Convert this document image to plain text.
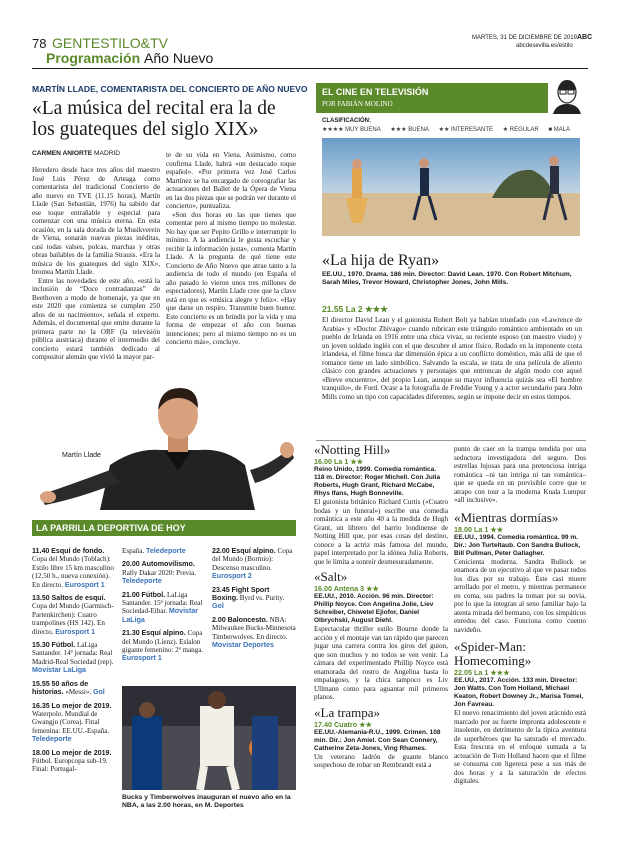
78 GENTESTILO&TV	MARTES, 31 DE DICIEMBRE DE 2019 ABC
abcdesevilla.es/estilo
Programación Año Nuevo
MARTÍN LLADE, COMENTARISTA DEL CONCIERTO DE AÑO NUEVO
«La música del recital era la de los guateques del siglo XIX»
CARMEN ANIORTE MADRID

Heredero desde hace tres años del maestro José Luis Pérez de Arteaga como comentarista del tradicional Concierto de año nuevo en TVE (11.15 horas), Martín Llade (San Sebastián, 1976) ha sabido dar ese toque entrañable y especial para comenzar con una música eterna. En esta ocasión, en la sala dorada de la Musikverein de Viena, sonarán nuevas piezas inéditas, casi todas valses, polcas, marchas y otras obras bailables de la familia Strauss. «Era la música de los guateques del siglo XIX», bromea Martín Llade.

Entre las novedades de este año, «está la inclusión de “Doce contradanzas” de Beethoven a modo de homenaje, ya que en este 2020 que comienza se cumplen 250 años de su nacimiento», señala el experto. Además, el documental que emite durante la primera parte no la ORF (la televisión pública austriaca) durante el intermedio del concierto estará también dedicado al compositor alemán que vivió la mayor par-

te de su vida en Viena. Asimismo, como confirma Llade, habrá «un destacado toque español». «Por primera vez José Carlos Martínez se ha encargado de coreografiar las actuaciones del Ballet de la Ópera de Viena en las dos piezas que se podrán ver durante el concierto», puntualiza.

«Son dos horas en las que tienes que comentar pero al mismo tiempo no molestar. No hay que ser Pepito Grillo e interrumpir lo mínimo. A la audiencia le gusta escuchar y recibir la información justa», comenta Martín Llade. A la pregunta de qué tiene este Concierto de Año Nuevo que atrae tanto a la audiencia de todo el mundo (en España el año pasado lo vieron unos tres millones de espectadores), Martín Llade cree que la clave está en que es «música alegre y feliz». «Hay que darse un respiro. Transmite buen humor. Este concierto es un brindis por la vida y una forma de empezar el año con buenas intenciones; pero al mismo tiempo no es un concierto más», concluye.

Martín Llade
EL CINE EN TELEVISIÓN
POR FABIÁN MOLINO
CLASIFICACIÓN:
★★★★ MUY BUENA ★★★ BUENA ★★ INTERESANTE ★ REGULAR ■ MALA
«La hija de Ryan»
EE.UU., 1970. Drama. 186 min. Director: David Lean. 1970. Con Robert Mitchum, Sarah Miles, Trevor Howard, Christopher Jones, John Mills.
21.55 La 2 ★★★
El director David Lean y el guionista Robert Bolt ya habían triunfado con «Lawrence de Arabia» y «Doctor Zhivago» cuando rubrican este triángulo romántico ambientado en un pueblo de Irlanda en 1916 entre una chica vivaz, su reciente esposo (un maestro viudo) y un joven soldado inglés con el que descubre el amor físico. Rodado en la imponente costa irlandesa, el filme busca dar dimensión épica a un conflicto doméstico, más allá de que el romance tiene un lado simbólico. Salvando la escala, se trata de una película de aliento clásico con grandes actuaciones y personajes que entroncan de algún modo con aquel «Breve encuentro», del propio Lean, aunque su mayor influencia quizás sea «El hombre tranquilo», de Ford. Ocasr a la fotografía de Freddie Young y a actor secundario para John Mills como un tipo con capacidades diferentes, según se impone decir en estos tiempos.
«Notting Hill»
16.00 La 1 ★★
Reino Unido, 1999. Comedia romántica. 118 m. Director: Roger Michell. Con Julia Roberts, Hugh Grant, Richard McCabe, Rhys Ifans, Hugh Bonneville.
El guionista británico Richard Curtis («Cuatro bodas y un funeral») escribe una comedia romántica a este año 40 a la medida de Hugh Grant, un librero del barrio londinense de Notting Hill que, por esas cosas del destino, conoce a la actriz más famosa del mundo, papel interpretado por la idónea Julia Roberts, que le limita a sonreír desmesuradamente.
«Salt»
16.00 Antena 3 ★★
EE.UU., 2010. Acción. 96 min. Director: Phillip Noyce. Con Angelina Jolie, Liev Schreiber, Chiwetel Ejiofor, Daniel Olbrychski, August Diehl.
Espectacular thriller estilo Bourne donde la acción y el montaje van tan rápido que parecen jugar una carrera contra los giros del guion, que son muchos y no todos se ven venir. La cámara del experimentado Phillip Noyce está enamorada del rostro de Angelina hasta lo empalagoso, y la chica tampoco es Liv Ullmann como para aguantar mil primeros planos.
«La trampa»
17.40 Cuatro ★★
EE.UU.-Alemania-R.U., 1999. Crimen. 108 min. Dir.: Jon Amiel. Con Sean Connery, Catherine Zeta-Jones, Ving Rhames.
Un veterano ladrón de guante blanco sospechoso de robar un Rembrandt está a
punto de caer en la trampa tendida por una seductora investigadora del seguro. Dos estrellas lujosas para una pretenciosa intriga romántica –ni tan intriga ni tan romántica– que se queda en un previsible corre que te atrapo con tour a la moderna Kuala Lumpur «all inclusive».
«Mientras dormías»
18.00 La 1 ★★
EE.UU., 1994. Comedia romántica. 99 m. Dir.: Jon Turteltaub. Con Sandra Bullock, Bill Pullman, Peter Gallagher.
Cenicienta moderna. Sandra Bullock se enamora de un ejecutivo al que ve pasar todos los días por su trabajo. Éste casi muere arrollado por el metro, y mientras permanece en coma, sus padres la toman por su novia, por lo que la integran al seno familiar bajo la atenta mirada del hermano, con los simpáticos enredos del caso. Funciona como cuento navideño.
«Spider-Man: Homecoming»
22.05 La 1 ★★★
EE.UU., 2017. Acción. 133 min. Director: Jon Watts. Con Tom Holland, Michael Keaton, Robert Downey Jr., Marisa Tomei, Jon Favreau.
El nuevo renacimiento del joven arácnido está marcado por su fuerte impronta adolescente e insolente, en detrimento de la típica aventura de superhéroes que ha saturado el mercado. Esta frescura en el enfoque sumada a la actuación de Tom Holland hacen que el filme se consuma con ligereza pese a sus más de dos horas y a la saturación de efectos digitales.
LA PARRILLA DEPORTIVA DE HOY
11.40 Esquí de fondo. Copa del Mundo (Toblach): Estilo libre 15 km masculino (12.50 h., nueva conexión). En directo. Eurosport 1
13.50 Saltos de esquí. Copa del Mundo (Garmisch-Partenkirchen): Cuatro trampolines (HS 142). En directo. Eurosport 1
15.30 Fútbol. LaLiga Santander. 14ª jornada: Real Madrid-Real Sociedad (rep). Movistar LaLiga
15.55 50 años de historias. «Messi». Gol
16.35 Lo mejor de 2019. Waterpolo. Mundial de Gwangju (Corea). Final femenina: EE.UU.-España. Teledeporte
18.00 Lo mejor de 2019. Fútbol. Europcopa sub-19. Final: Portugal-
España. Teledeporte
20.00 Automovilismo. Rally Dakar 2020: Previa. Teledeporte
21.00 Fútbol. LaLiga Santander. 15ª jornada: Real Sociedad-Eibar. Movistar LaLiga
21.30 Esquí alpino. Copa del Mundo (Lienz). Eslalon gigante femenino: 2ª manga. Eurosport 1
22.00 Esquí alpino. Copa del Mundo (Bormio): Descenso masculino. Eurosport 2
23.45 Fight Sport Boxing. Byrd vs. Purity. Gol
2.00 Baloncesto. NBA: Milwaukee Bucks-Minnesota Timberwolves. En directo. Movistar Deportes
Bucks y Timberwolves inauguran el nuevo año en la NBA, a las 2.00 horas, en M. Deportes
